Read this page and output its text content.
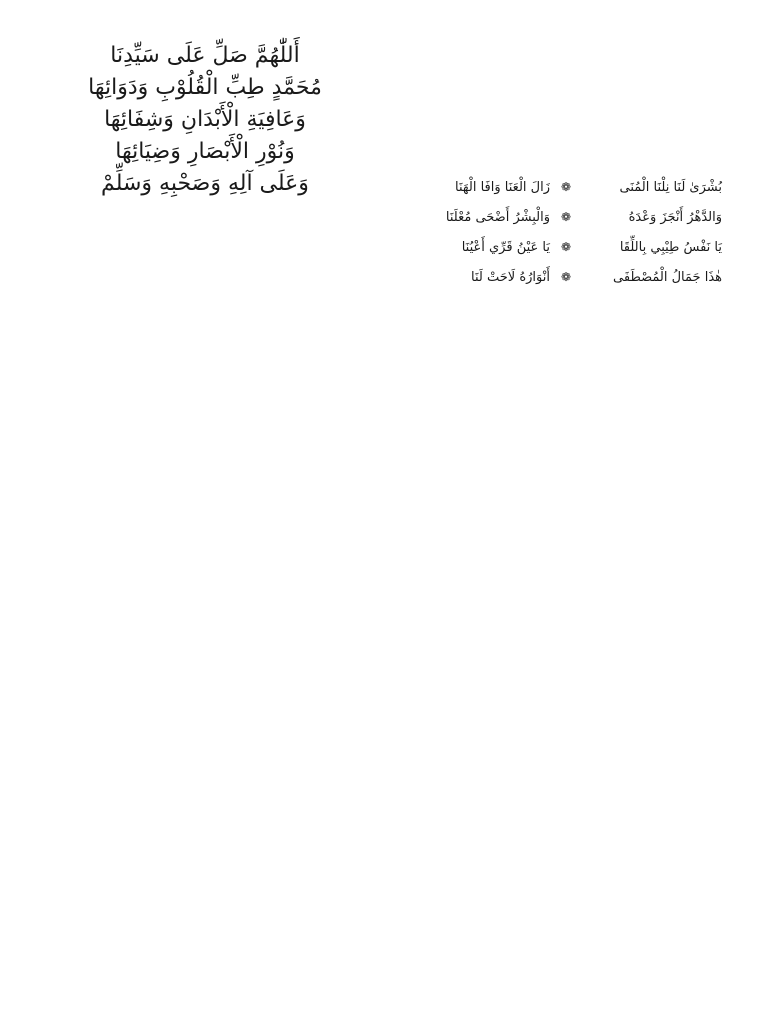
أَللّٰهُمَّ صَلِّ عَلَى سَيِّدِنَا
مُحَمَّدٍ طِبِّ الْقُلُوْبِ وَدَوَائِهَا
وَعَافِيَةِ الْأَبْدَانِ وَشِفَائِهَا
وَنُوْرِ الْأَبْصَارِ وَضِيَائِهَا
وَعَلَى آلِهِ وَصَحْبِهِ وَسَلِّمْ	بُشْرَىٰ لَنَا نِلْنَا الْمُنَى
❁
زَالَ الْعَنَا وَافَا الْهَنَا
وَالدَّهْرُ أَنْجَزَ وَعْدَهُ
❁
وَالْبِشْرُ أَضْحَى مُعْلَنَا
يَا نَفْسُ طِيْبِي بِاللِّقَا
❁
يَا عَيْنُ قَرِّي أَعْيُنَا
هٰذَا جَمَالُ الْمُصْطَفَى
❁
أَنْوَارُهُ لَاحَتْ لَنَا
